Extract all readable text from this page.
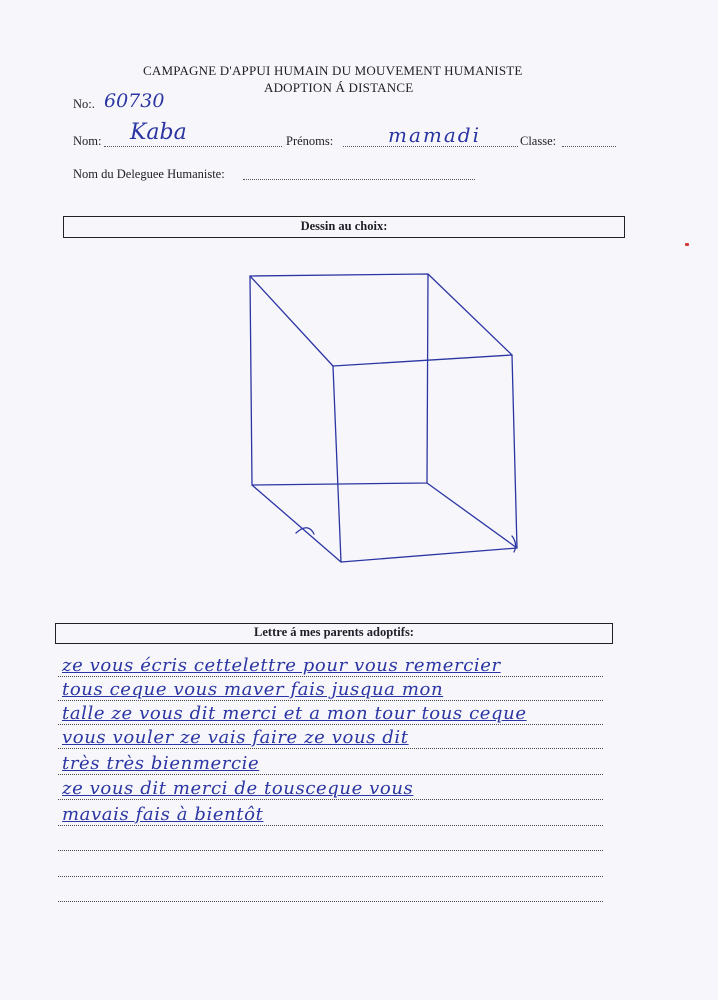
CAMPAGNE D'APPUI HUMAIN DU MOUVEMENT HUMANISTE
ADOPTION Á DISTANCE
No:. 60730
Nom: Kaba	Prénoms:	mamadi	Classe:
Nom du Deleguee Humaniste:
Dessin au choix:
Lettre á mes parents adoptifs:
ze vous écris cettelettre pour vous remercier
tous ceque vous maver fais jusqua mon
talle ze vous dit merci et a mon tour tous ceque
vous vouler ze vais faire ze vous dit
très très bienmercie
ze vous dit merci de tousceque vous
mavais fais à bientôt
